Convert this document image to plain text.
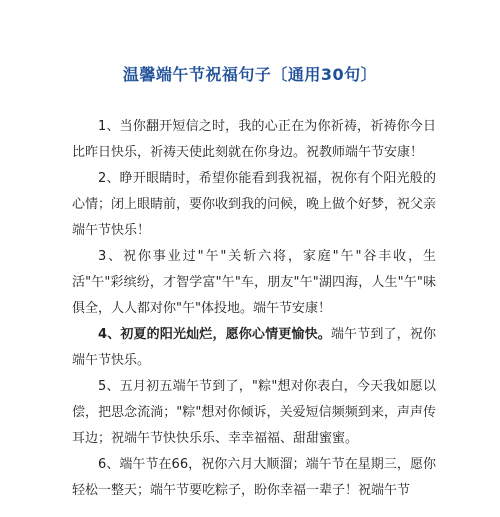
温馨端午节祝福句子〔通用30句〕

1、当你翻开短信之时，我的心正在为你祈祷，祈祷你今日比昨日快乐，祈祷天使此刻就在你身边。祝教师端午节安康！

2、睁开眼睛时，希望你能看到我祝福，祝你有个阳光般的心情；闭上眼睛前，要你收到我的问候，晚上做个好梦，祝父亲端午节快乐！

3、祝你事业过"午"关斩六将，家庭"午"谷丰收，生活"午"彩缤纷，才智学富"午"车，朋友"午"湖四海，人生"午"味俱全，人人都对你"午"体投地。端午节安康！

4、初夏的阳光灿烂，愿你心情更愉快。端午节到了，祝你端午节快乐。

5、五月初五端午节到了，"粽"想对你表白，今天我如愿以偿，把思念流淌；"粽"想对你倾诉，关爱短信频频到来，声声传耳边；祝端午节快快乐乐、幸幸福福、甜甜蜜蜜。

6、端午节在66，祝你六月大顺溜；端午节在星期三，愿你轻松一整天；端午节要吃粽子，盼你幸福一辈子！祝端午节
